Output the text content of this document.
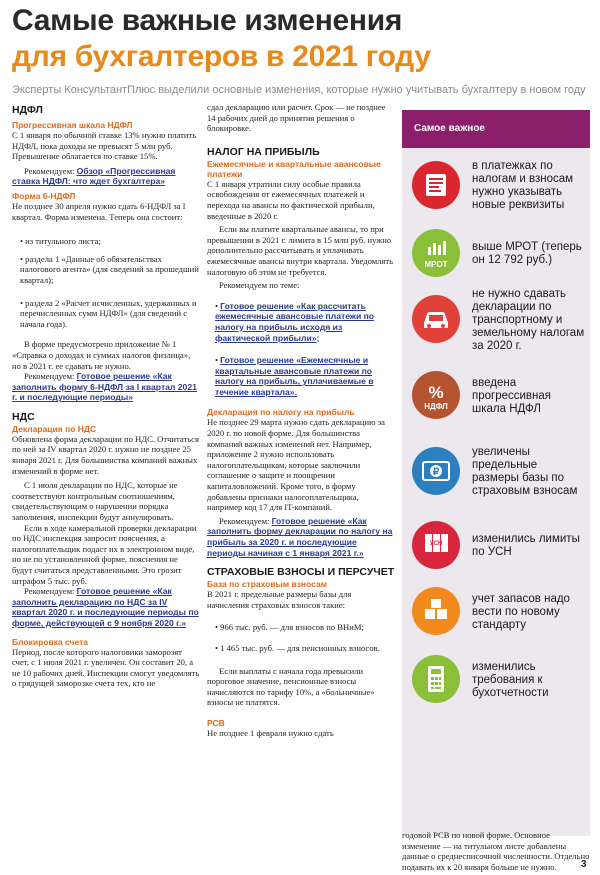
Самые важные изменения
для бухгалтеров в 2021 году
Эксперты КонсультантПлюс выделили основные изменения, которые нужно учитывать бухгалтеру в новом году
НДФЛ
Прогрессивная шкала НДФЛ

С 1 января по обычной ставке 13% нужно платить НДФЛ, пока доходы не превысят 5 млн руб. Превышение облагается по ставке 15%.

Рекомендуем: Обзор «Прогрессивная ставка НДФЛ: что ждет бухгалтера»

Форма 6-НДФЛ

Не позднее 30 апреля нужно сдать 6-НДФЛ за I квартал. Форма изменена. Теперь она состоит:

• из титульного листа;

• раздела 1 «Данные об обязательствах налогового агента» (для сведений за прошедший квартал);

• раздела 2 «Расчет исчисленных, удержанных и перечисленных сумм НДФЛ» (для сведений с начала года).

В форме предусмотрено приложение № 1 «Справка о доходах и суммах налогов физлица», но в 2021 г. ее сдавать не нужно.

Рекомендуем: Готовое решение «Как заполнить форму 6-НДФЛ за I квартал 2021 г. и последующие периоды»

НДС
Декларация по НДС

Обновлена форма декларации по НДС. Отчитаться по ней за IV квартал 2020 г. нужно не позднее 25 января 2021 г. Для большинства компаний важных изменений в форме нет.

С 1 июля декларации по НДС, которые не соответствуют контрольным соотношениям, свидетельствующим о нарушении порядка заполнения, инспекции будут аннулировать.

Если в ходе камеральной проверки декларации по НДС инспекция запросит пояснения, а налогоплательщик подаст их в электронном виде, но не по установленной форме, пояснения не будут считаться представленными. Это грозит штрафом 5 тыс. руб.

Рекомендуем: Готовое решение «Как заполнить декларацию по НДС за IV квартал 2020 г. и последующие периоды по форме, действующей с 9 ноября 2020 г.»

Блокировка счета

Период, после которого налоговики заморозят счет, с 1 июля 2021 г. увеличен. Он составит 20, а не 10 рабочих дней. Инспекции смогут уведомлять о грядущей заморозке счета тех, кто не

сдал декларацию или расчет. Срок — не позднее 14 рабочих дней до принятия решения о блокировке.

НАЛОГ НА ПРИБЫЛЬ
Ежемесячные и квартальные авансовые платежи

С 1 января утратили силу особые правила освобождения от ежемесячных платежей и перехода на авансы по фактической прибыли, введенные в 2020 г.

Если вы платите квартальные авансы, то при превышении в 2021 г. лимита в 15 млн руб. нужно дополнительно рассчитывать и уплачивать ежемесячные авансы внутри квартала. Уведомлять налоговую об этом не требуется.

Рекомендуем по теме:

• Готовое решение «Как рассчитать ежемесячные авансовые платежи по налогу на прибыль исходя из фактической прибыли»;

• Готовое решение «Ежемесячные и квартальные авансовые платежи по налогу на прибыль, уплачиваемые в течение квартала».

Декларация по налогу на прибыль

Не позднее 29 марта нужно сдать декларацию за 2020 г. по новой форме. Для большинства компаний важных изменений нет. Например, приложение 2 нужно использовать налогоплательщикам, которые заключили соглашение о защите и поощрении капиталовложений. Кроме того, в форму добавлены признаки налогоплательщика, например код 17 для IT-компаний.

Рекомендуем: Готовое решение «Как заполнить форму декларации по налогу на прибыль за 2020 г. и последующие периоды начиная с 1 января 2021 г.»

СТРАХОВЫЕ ВЗНОСЫ И ПЕРСУЧЕТ
База по страховым взносам

В 2021 г. предельные размеры базы для начисления страховых взносов такие:

• 966 тыс. руб. — для взносов по ВНиМ;

• 1 465 тыс. руб. — для пенсионных взносов.

Если выплаты с начала года превысили пороговое значение, пенсионные взносы начисляются по тарифу 10%, а «больничные» взносы не платятся.

РСВ

Не позднее 1 февраля нужно сдать

Самое важное
в платежках по налогам и взносам нужно указывать новые реквизиты
МРОТ
выше МРОТ (теперь он 12 792 руб.)
не нужно сдавать декларации по транспортному и земельному налогам за 2020 г.
%
НДФЛ
введена прогрессивная шкала НДФЛ
₽
увеличены предельные размеры базы по страховым взносам
УСН	изменились лимиты по УСН
учет запасов надо вести по новому стандарту
изменились требования к бухотчетности

годовой РСВ по новой форме. Основное изменение — на титульном листе добавлены данные о среднесписочной численности. Отдельно подавать их к 20 января больше не нужно.	3
